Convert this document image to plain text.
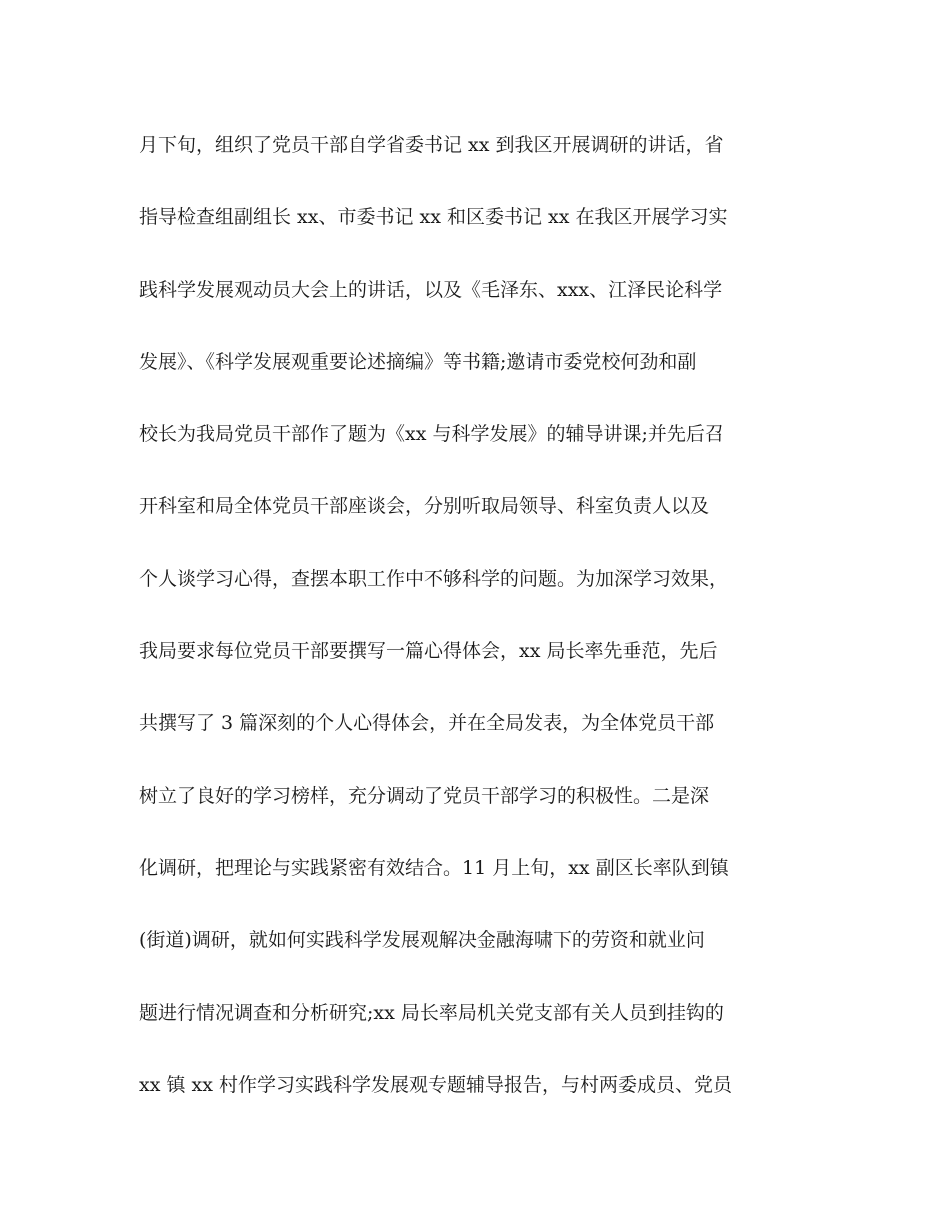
月下旬，组织了党员干部自学省委书记 xx 到我区开展调研的讲话，省
指导检查组副组长 xx、市委书记 xx 和区委书记 xx 在我区开展学习实
践科学发展观动员大会上的讲话，以及《毛泽东、xxx、江泽民论科学
发展》、《科学发展观重要论述摘编》等书籍;邀请市委党校何劲和副
校长为我局党员干部作了题为《xx 与科学发展》的辅导讲课;并先后召
开科室和局全体党员干部座谈会，分别听取局领导、科室负责人以及
个人谈学习心得，查摆本职工作中不够科学的问题。为加深学习效果，
我局要求每位党员干部要撰写一篇心得体会，xx 局长率先垂范，先后
共撰写了 3 篇深刻的个人心得体会，并在全局发表，为全体党员干部
树立了良好的学习榜样，充分调动了党员干部学习的积极性。二是深
化调研，把理论与实践紧密有效结合。11 月上旬，xx 副区长率队到镇
(街道)调研，就如何实践科学发展观解决金融海啸下的劳资和就业问
题进行情况调查和分析研究;xx 局长率局机关党支部有关人员到挂钩的
xx 镇 xx 村作学习实践科学发展观专题辅导报告，与村两委成员、党员
